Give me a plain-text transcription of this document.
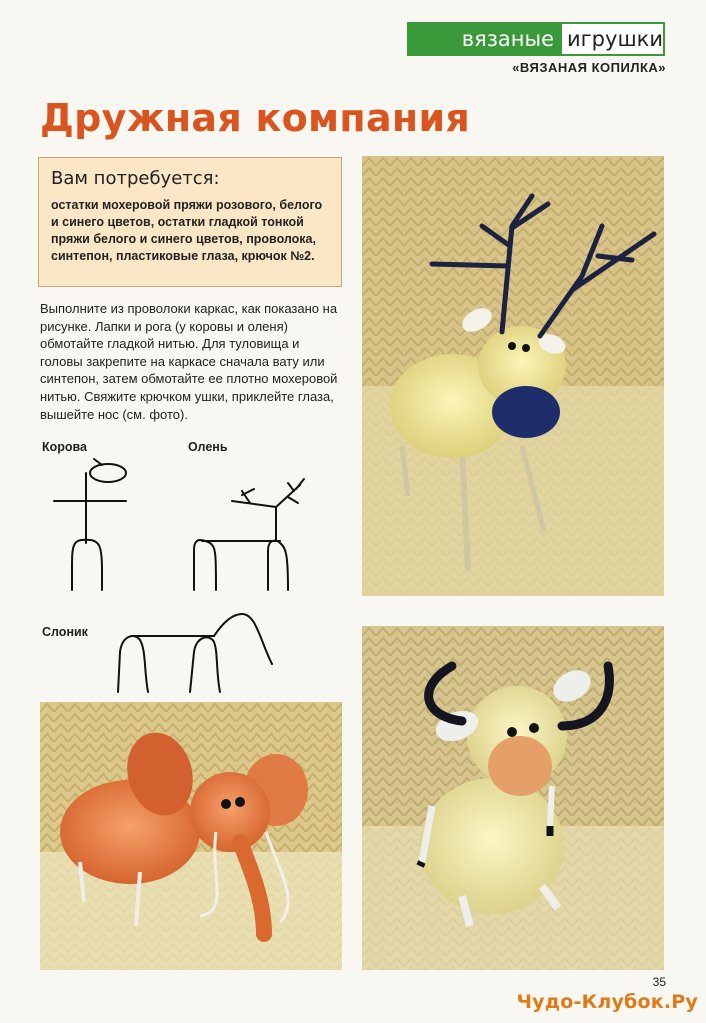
вязаные игрушки
«ВЯЗАНАЯ КОПИЛКА»
Дружная компания
Вам потребуется:
остатки мохеровой пряжи розового, белого и синего цветов, остатки гладкой тонкой пряжи белого и синего цветов, проволока, синтепон, пластиковые глаза, крючок №2.
Выполните из проволоки каркас, как показано на рисунке. Лапки и рога (у коровы и оленя) обмотайте гладкой нитью. Для туловища и головы закрепите на каркасе сначала вату или синтепон, затем обмотайте ее плотно мохеровой нитью. Свяжите крючком ушки, приклейте глаза, вышейте нос (см. фото).
Корова	Олень
Слоник
35
Чудо-Клубок.Ру
